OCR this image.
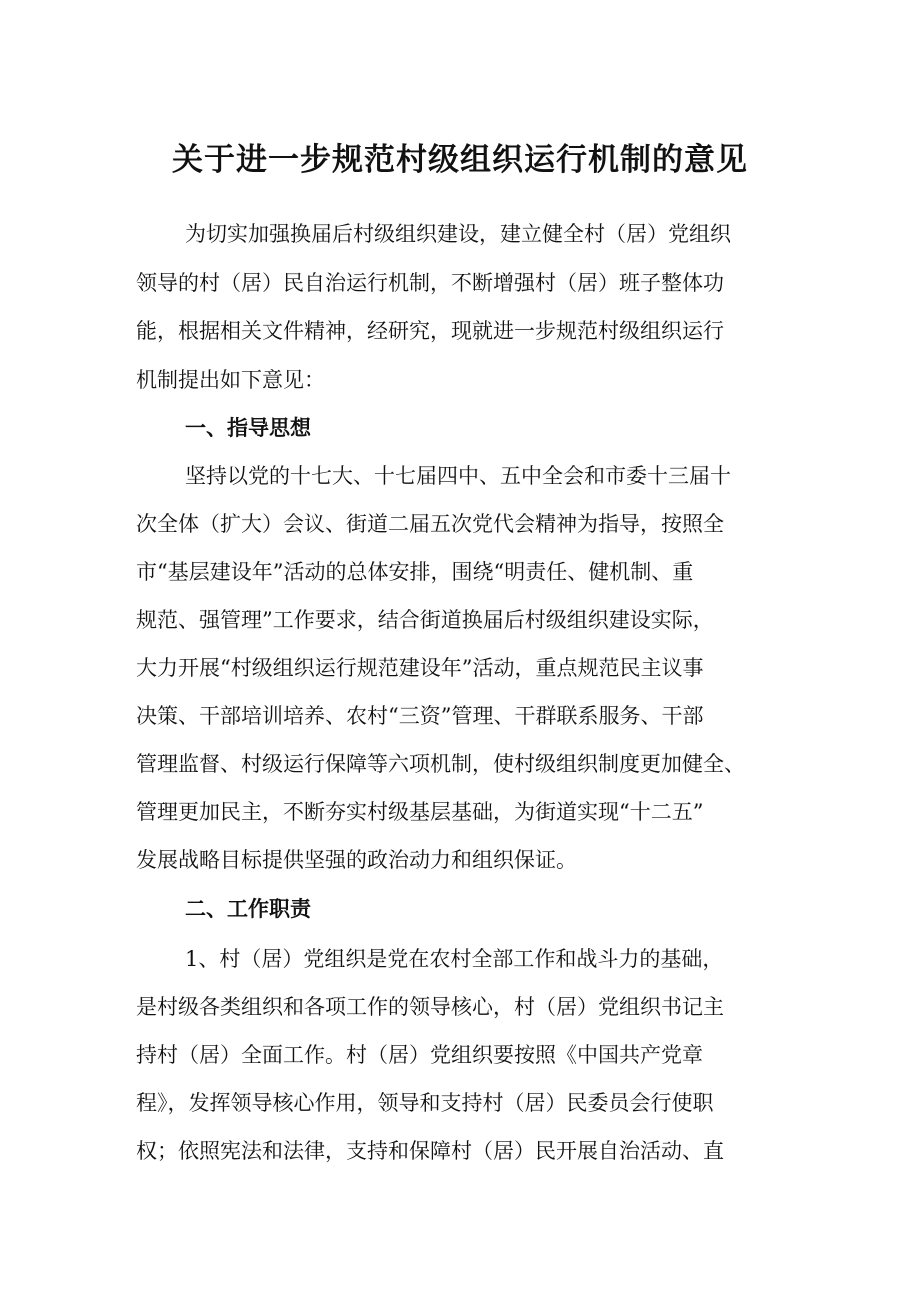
关于进一步规范村级组织运行机制的意见

为切实加强换届后村级组织建设，建立健全村（居）党组织

领导的村（居）民自治运行机制，不断增强村（居）班子整体功

能，根据相关文件精神，经研究，现就进一步规范村级组织运行

机制提出如下意见：

一、指导思想

坚持以党的十七大、十七届四中、五中全会和市委十三届十

次全体（扩大）会议、街道二届五次党代会精神为指导，按照全

市“基层建设年”活动的总体安排，围绕“明责任、健机制、重

规范、强管理”工作要求，结合街道换届后村级组织建设实际，

大力开展“村级组织运行规范建设年”活动，重点规范民主议事

决策、干部培训培养、农村“三资”管理、干群联系服务、干部

管理监督、村级运行保障等六项机制，使村级组织制度更加健全、

管理更加民主，不断夯实村级基层基础，为街道实现“十二五”

发展战略目标提供坚强的政治动力和组织保证。

二、工作职责

1、村（居）党组织是党在农村全部工作和战斗力的基础，

是村级各类组织和各项工作的领导核心，村（居）党组织书记主

持村（居）全面工作。村（居）党组织要按照《中国共产党章

程》，发挥领导核心作用，领导和支持村（居）民委员会行使职

权；依照宪法和法律，支持和保障村（居）民开展自治活动、直
